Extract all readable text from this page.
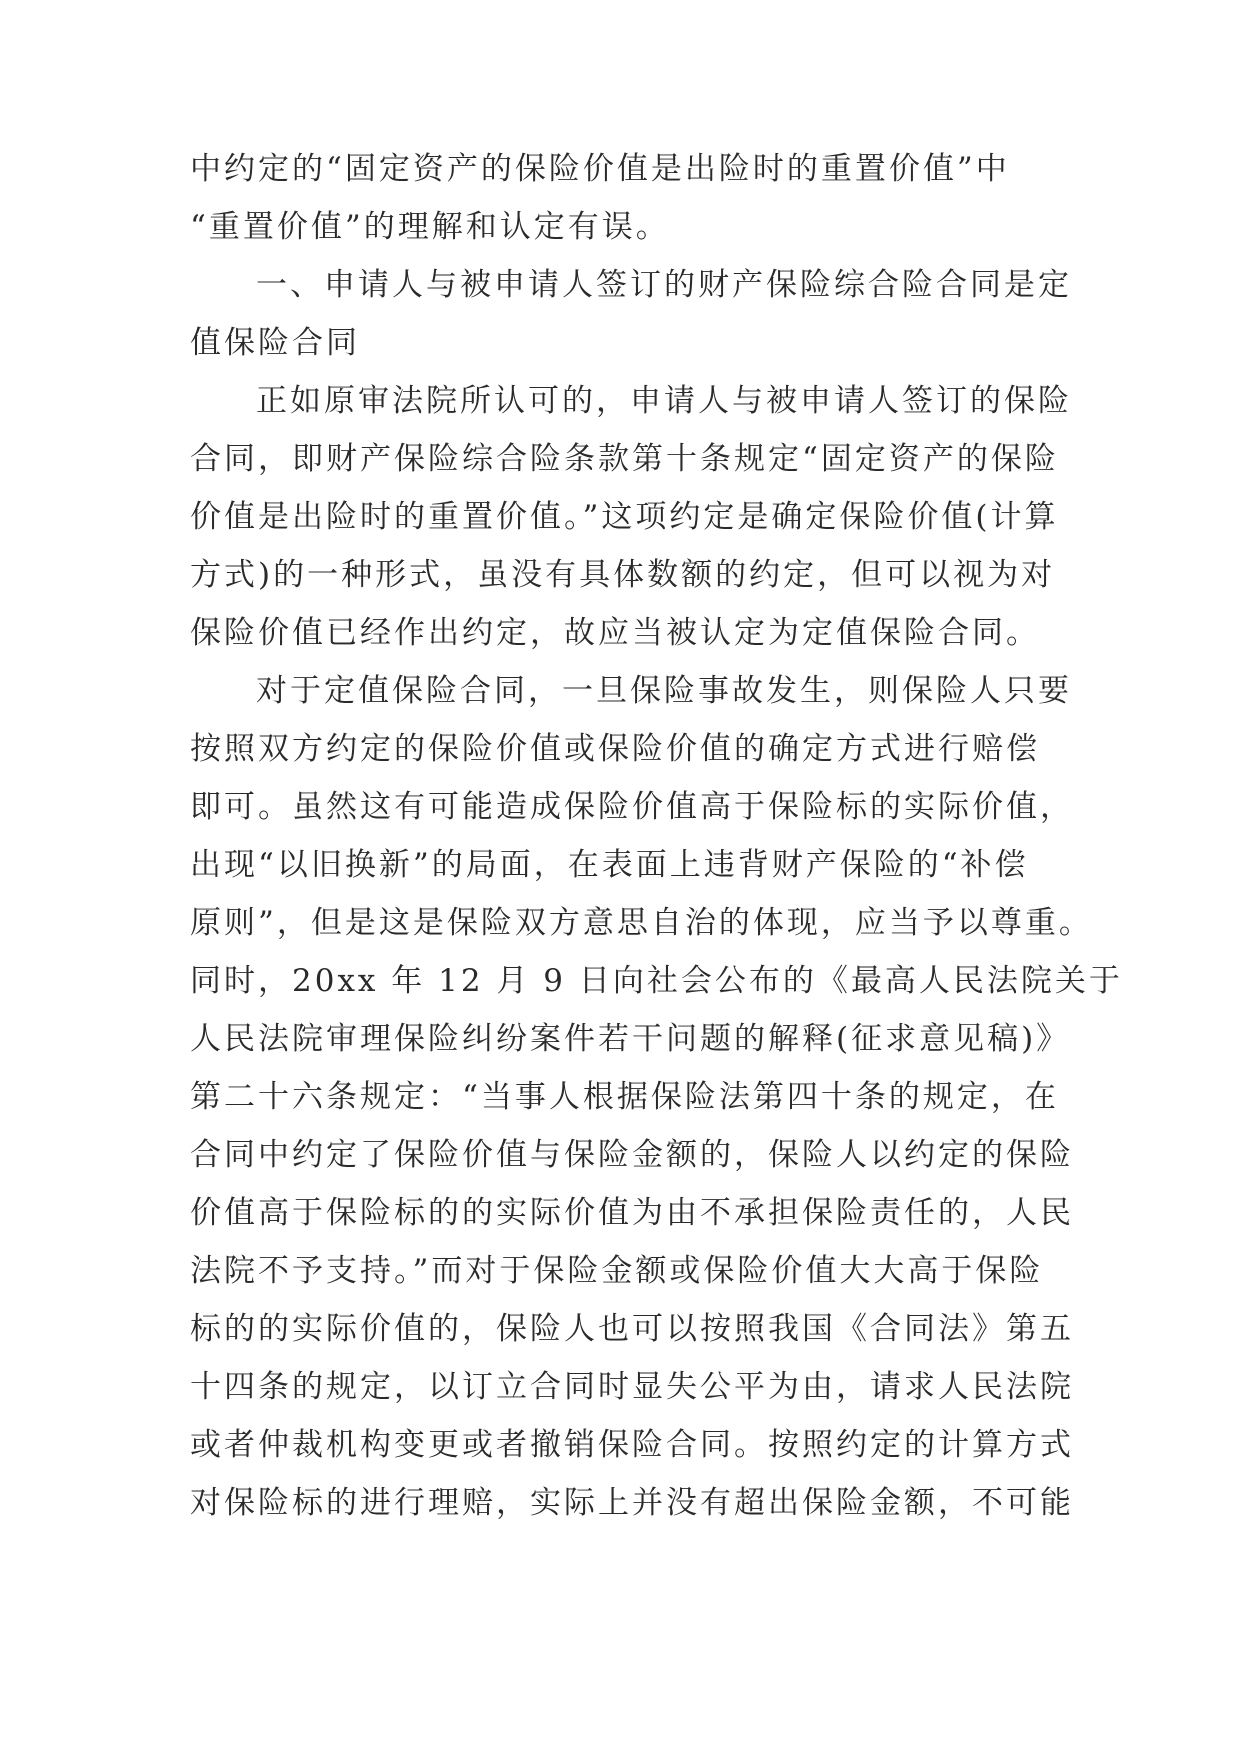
中约定的“固定资产的保险价值是出险时的重置价值”中
“重置价值”的理解和认定有误。
一、申请人与被申请人签订的财产保险综合险合同是定
值保险合同
正如原审法院所认可的，申请人与被申请人签订的保险
合同，即财产保险综合险条款第十条规定“固定资产的保险
价值是出险时的重置价值。”这项约定是确定保险价值(计算
方式)的一种形式，虽没有具体数额的约定，但可以视为对
保险价值已经作出约定，故应当被认定为定值保险合同。
对于定值保险合同，一旦保险事故发生，则保险人只要
按照双方约定的保险价值或保险价值的确定方式进行赔偿
即可。虽然这有可能造成保险价值高于保险标的实际价值，
出现“以旧换新”的局面，在表面上违背财产保险的“补偿
原则”，但是这是保险双方意思自治的体现，应当予以尊重。
同时，20xx 年 12 月 9 日向社会公布的《最高人民法院关于
人民法院审理保险纠纷案件若干问题的解释(征求意见稿)》
第二十六条规定：“当事人根据保险法第四十条的规定，在
合同中约定了保险价值与保险金额的，保险人以约定的保险
价值高于保险标的的实际价值为由不承担保险责任的，人民
法院不予支持。”而对于保险金额或保险价值大大高于保险
标的的实际价值的，保险人也可以按照我国《合同法》第五
十四条的规定，以订立合同时显失公平为由，请求人民法院
或者仲裁机构变更或者撤销保险合同。按照约定的计算方式
对保险标的进行理赔，实际上并没有超出保险金额，不可能
